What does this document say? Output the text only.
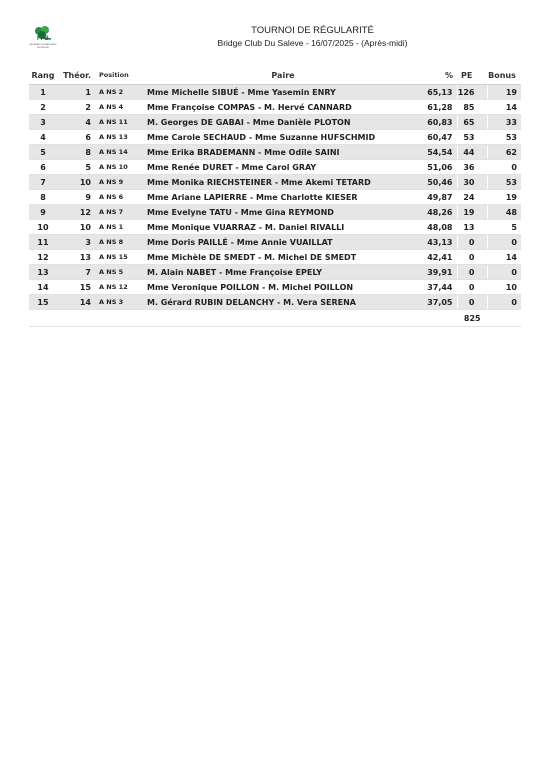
FFB
FÉDÉRATION FRANÇAISE DE BRIDGE
TOURNOI DE RÉGULARITÉ
Bridge Club Du Saleve - 16/07/2025 - (Après-midi)
Rang	Théor.	Position	Paire	%	PE	Bonus
1	1	A NS 2	Mme Michelle SIBUÉ - Mme Yasemin ENRY	65,13	126	19
2	2	A NS 4	Mme Françoise COMPAS - M. Hervé CANNARD	61,28	85	14
3	4	A NS 11	M. Georges DE GABAI - Mme Danièle PLOTON	60,83	65	33
4	6	A NS 13	Mme Carole SECHAUD - Mme Suzanne HUFSCHMID	60,47	53	53
5	8	A NS 14	Mme Erika BRADEMANN - Mme Odile SAINI	54,54	44	62
6	5	A NS 10	Mme Renée DURET - Mme Carol GRAY	51,06	36	0
7	10	A NS 9	Mme Monika RIECHSTEINER - Mme Akemi TETARD	50,46	30	53
8	9	A NS 6	Mme Ariane LAPIERRE - Mme Charlotte KIESER	49,87	24	19
9	12	A NS 7	Mme Evelyne TATU - Mme Gina REYMOND	48,26	19	48
10	10	A NS 1	Mme Monique VUARRAZ - M. Daniel RIVALLI	48,08	13	5
11	3	A NS 8	Mme Doris PAILLÉ - Mme Annie VUAILLAT	43,13	0	0
12	13	A NS 15	Mme Michèle DE SMEDT - M. Michel DE SMEDT	42,41	0	14
13	7	A NS 5	M. Alain NABET - Mme Françoise EPELY	39,91	0	0
14	15	A NS 12	Mme Veronique POILLON - M. Michel POILLON	37,44	0	10
15	14	A NS 3	M. Gérard RUBIN DELANCHY - M. Vera SERENA	37,05	0	0
					825	
